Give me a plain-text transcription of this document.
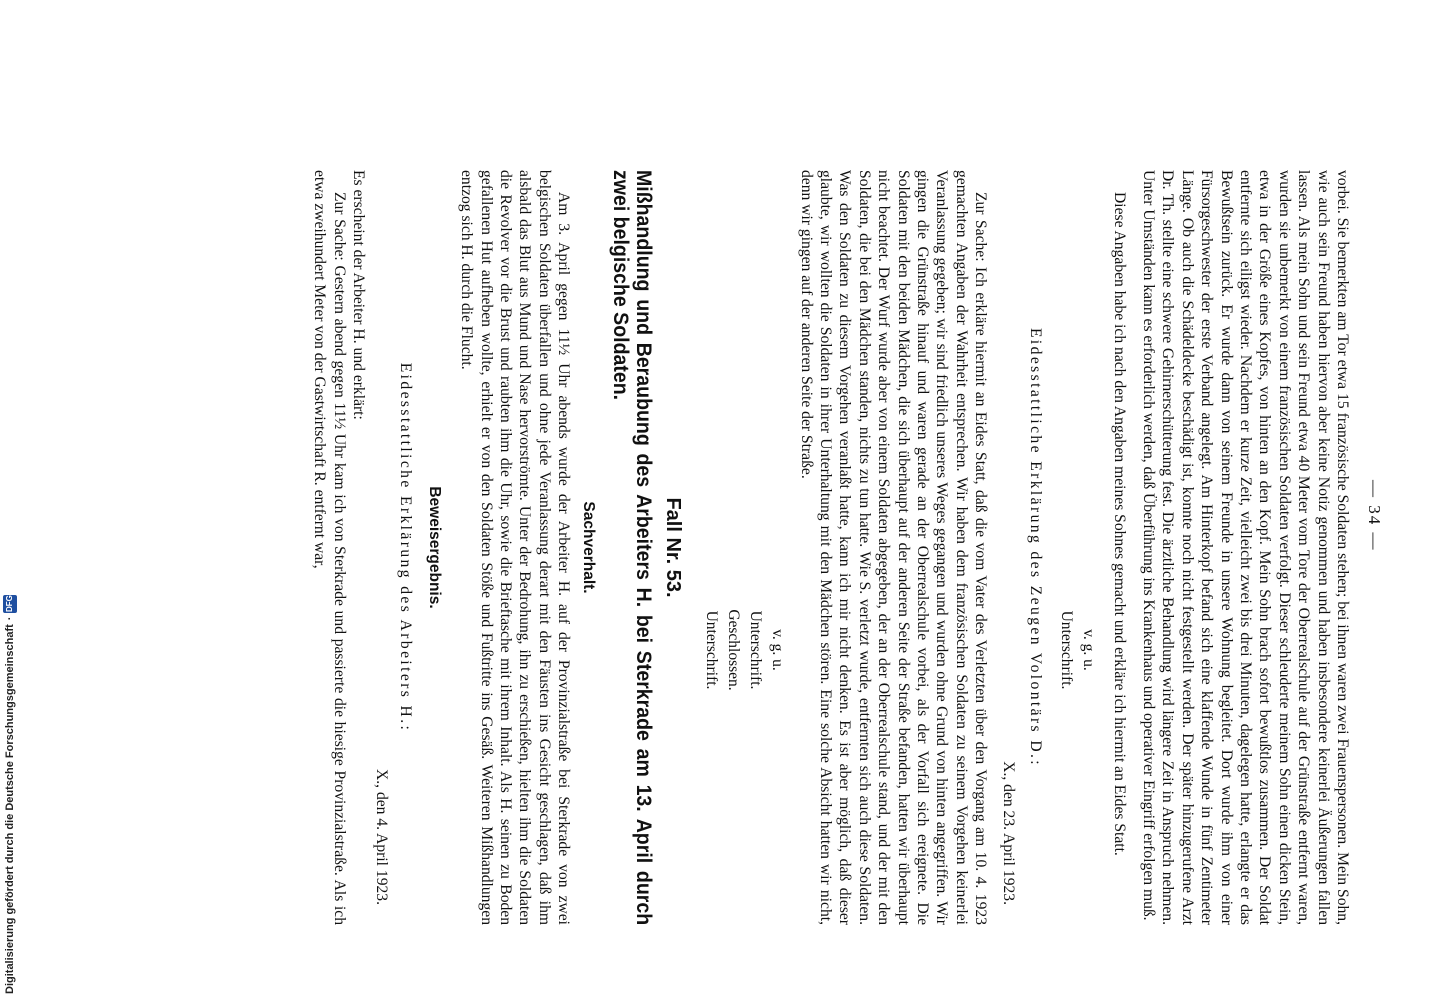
— 34 —

vorbei. Sie bemerkten am Tor etwa 15 französische Soldaten stehen; bei ihnen waren zwei Frauenspersonen. Mein Sohn, wie auch sein Freund haben hiervon aber keine Notiz genommen und haben insbesondere keinerlei Äußerungen fallen lassen. Als mein Sohn und sein Freund etwa 40 Meter vom Tore der Oberrealschule auf der Grünstraße entfernt waren, wurden sie unbemerkt von einem französischen Soldaten verfolgt. Dieser schleuderte meinem Sohn einen dicken Stein, etwa in der Größe eines Kopfes, von hinten an den Kopf. Mein Sohn brach sofort bewußtlos zusammen. Der Soldat entfernte sich eiligst wieder. Nachdem er kurze Zeit, vielleicht zwei bis drei Minuten, dagelegen hatte, erlangte er das Bewußtsein zurück. Er wurde dann von seinem Freunde in unsere Wohnung begleitet. Dort wurde ihm von einer Fürsorgeschwester der erste Verband angelegt. Am Hinterkopf befand sich eine klaffende Wunde in fünf Zentimeter Länge. Ob auch die Schädeldecke beschädigt ist, konnte noch nicht festgestellt werden. Der später hinzugerufene Arzt Dr. Th. stellte eine schwere Gehirnerschütterung fest. Die ärztliche Behandlung wird längere Zeit in Anspruch nehmen. Unter Umständen kann es erforderlich werden, daß Überführung ins Krankenhaus und operativer Eingriff erfolgen muß.

Diese Angaben habe ich nach den Angaben meines Sohnes gemacht und erkläre ich hiermit an Eides Statt.

v. g. u.
Unterschrift.
Eidesstattliche Erklärung des Zeugen Volontärs D.:
X., den 23. April 1923.

Zur Sache: Ich erkläre hiermit an Eides Statt, daß die vom Vater des Verletzten über den Vorgang am 10. 4. 1923 gemachten Angaben der Wahrheit entsprechen. Wir haben dem französischen Soldaten zu seinem Vorgehen keinerlei Veranlassung gegeben; wir sind friedlich unseres Weges gegangen und wurden ohne Grund von hinten angegriffen. Wir gingen die Grünstraße hinauf und waren gerade an der Oberrealschule vorbei, als der Vorfall sich ereignete. Die Soldaten mit den beiden Mädchen, die sich überhaupt auf der anderen Seite der Straße befanden, hatten wir überhaupt nicht beachtet. Der Wurf wurde aber von einem Soldaten abgegeben, der an der Oberrealschule stand, und der mit den Soldaten, die bei den Mädchen standen, nichts zu tun hatte. Wie S. verletzt wurde, entfernten sich auch diese Soldaten. Was den Soldaten zu diesem Vorgehen veranlaßt hatte, kann ich mir nicht denken. Es ist aber möglich, daß dieser glaubte, wir wollten die Soldaten in ihrer Unterhaltung mit den Mädchen stören. Eine solche Absicht hatten wir nicht, denn wir gingen auf der anderen Seite der Straße.

v. g. u.
Unterschrift.
Geschlossen.
Unterschrift.
Fall Nr. 53.
Mißhandlung und Beraubung des Arbeiters H. bei Sterkrade am 13. April durch zwei belgische Soldaten.
Sachverhalt.

Am 3. April gegen 11½ Uhr abends wurde der Arbeiter H. auf der Provinzialstraße bei Sterkrade von zwei belgischen Soldaten überfallen und ohne jede Veranlassung derart mit den Fäusten ins Gesicht geschlagen, daß ihm alsbald das Blut aus Mund und Nase hervorströmte. Unter der Bedrohung, ihn zu erschießen, hielten ihm die Soldaten die Revolver vor die Brust und raubten ihm die Uhr, sowie die Brieftasche mit ihrem Inhalt. Als H. seinen zu Boden gefallenen Hut aufheben wollte, erhielt er von den Soldaten Stöße und Fußtritte ins Gesäß. Weiteren Mißhandlungen entzog sich H. durch die Flucht.

Beweisergebnis.
Eidesstattliche Erklärung des Arbeiters H.:
X., den 4. April 1923.
Es erscheint der Arbeiter H. und erklärt:

Zur Sache: Gestern abend gegen 11½ Uhr kam ich von Sterkrade und passierte die hiesige Provinzialstraße. Als ich etwa zweihundert Meter von der Gastwirtschaft R. entfernt war,

Digitalisierung gefördert durch die Deutsche Forschungsgemeinschaft
·
DFG
